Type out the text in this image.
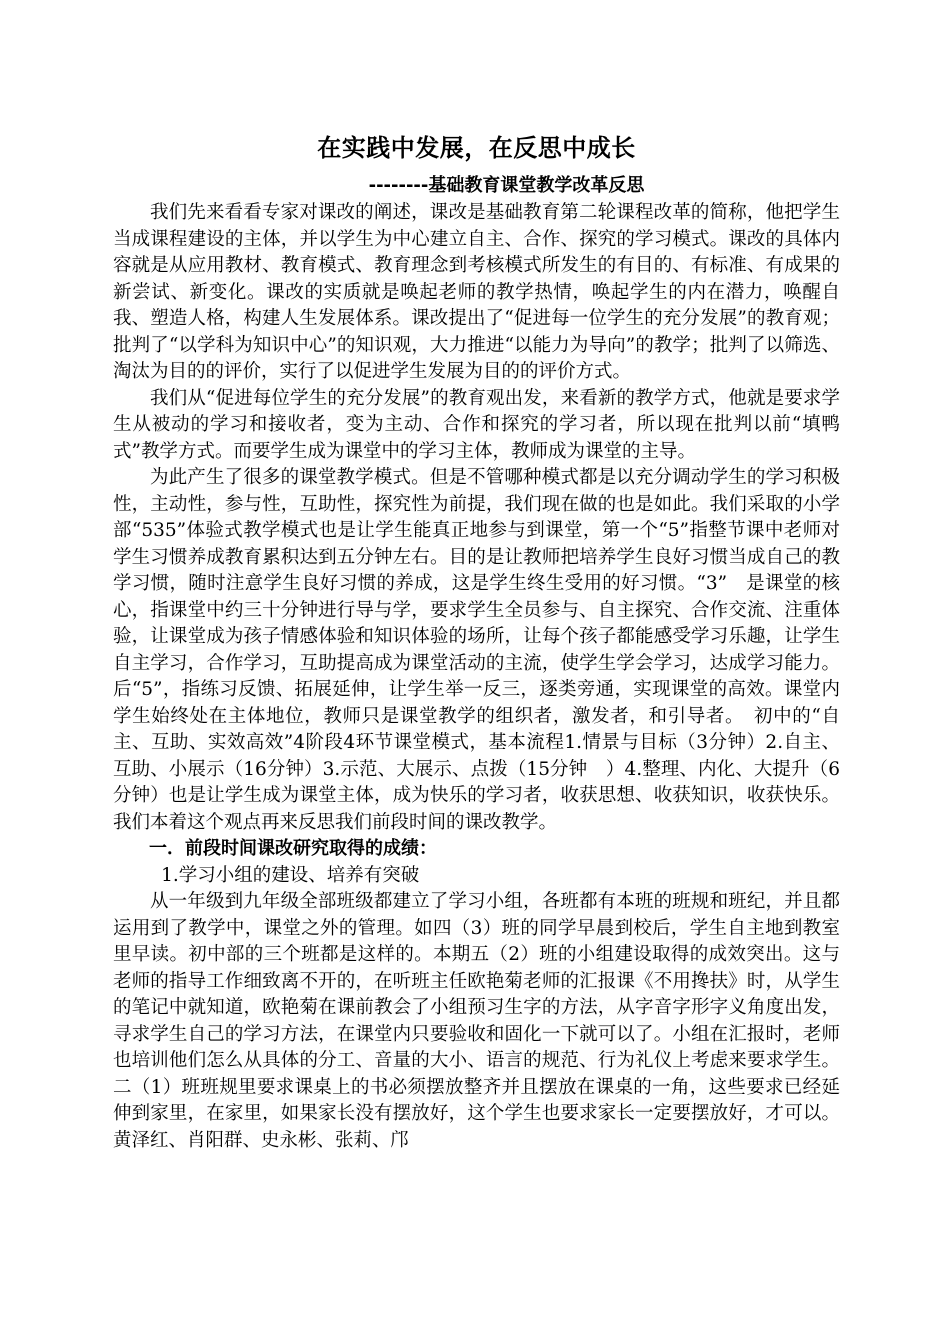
在实践中发展，在反思中成长
--------基础教育课堂教学改革反思

我们先来看看专家对课改的阐述，课改是基础教育第二轮课程改革的简称，他把学生当成课程建设的主体，并以学生为中心建立自主、合作、探究的学习模式。课改的具体内容就是从应用教材、教育模式、教育理念到考核模式所发生的有目的、有标准、有成果的新尝试、新变化。课改的实质就是唤起老师的教学热情，唤起学生的内在潜力，唤醒自我、塑造人格，构建人生发展体系。课改提出了“促进每一位学生的充分发展”的教育观；批判了“以学科为知识中心”的知识观，大力推进“以能力为导向”的教学；批判了以筛选、淘汰为目的的评价，实行了以促进学生发展为目的的评价方式。

我们从“促进每位学生的充分发展”的教育观出发，来看新的教学方式，他就是要求学生从被动的学习和接收者，变为主动、合作和探究的学习者，所以现在批判以前“填鸭式”教学方式。而要学生成为课堂中的学习主体，教师成为课堂的主导。

为此产生了很多的课堂教学模式。但是不管哪种模式都是以充分调动学生的学习积极性，主动性，参与性，互助性，探究性为前提，我们现在做的也是如此。我们采取的小学部“535”体验式教学模式也是让学生能真正地参与到课堂，第一个“5”指整节课中老师对学生习惯养成教育累积达到五分钟左右。目的是让教师把培养学生良好习惯当成自己的教学习惯，随时注意学生良好习惯的养成，这是学生终生受用的好习惯。“3”　是课堂的核心，指课堂中约三十分钟进行导与学，要求学生全员参与、自主探究、合作交流、注重体验，让课堂成为孩子情感体验和知识体验的场所，让每个孩子都能感受学习乐趣，让学生自主学习，合作学习，互助提高成为课堂活动的主流，使学生学会学习，达成学习能力。后“5”，指练习反馈、拓展延伸，让学生举一反三，逐类旁通，实现课堂的高效。课堂内学生始终处在主体地位，教师只是课堂教学的组织者，激发者，和引导者。　初中的“自主、互助、实效高效”4阶段4环节课堂模式，基本流程1.情景与目标（3分钟）2.自主、互助、小展示（16分钟）3.示范、大展示、点拨（15分钟　）4.整理、内化、大提升（6分钟）也是让学生成为课堂主体，成为快乐的学习者，收获思想、收获知识，收获快乐。我们本着这个观点再来反思我们前段时间的课改教学。

一．前段时间课改研究取得的成绩：
1.学习小组的建设、培养有突破

从一年级到九年级全部班级都建立了学习小组，各班都有本班的班规和班纪，并且都运用到了教学中，课堂之外的管理。如四（3）班的同学早晨到校后，学生自主地到教室里早读。初中部的三个班都是这样的。本期五（2）班的小组建设取得的成效突出。这与老师的指导工作细致离不开的，在听班主任欧艳菊老师的汇报课《不用搀扶》时，从学生的笔记中就知道，欧艳菊在课前教会了小组预习生字的方法，从字音字形字义角度出发，寻求学生自己的学习方法，在课堂内只要验收和固化一下就可以了。小组在汇报时，老师也培训他们怎么从具体的分工、音量的大小、语言的规范、行为礼仪上考虑来要求学生。二（1）班班规里要求课桌上的书必须摆放整齐并且摆放在课桌的一角，这些要求已经延伸到家里，在家里，如果家长没有摆放好，这个学生也要求家长一定要摆放好，才可以。黄泽红、肖阳群、史永彬、张莉、邝
